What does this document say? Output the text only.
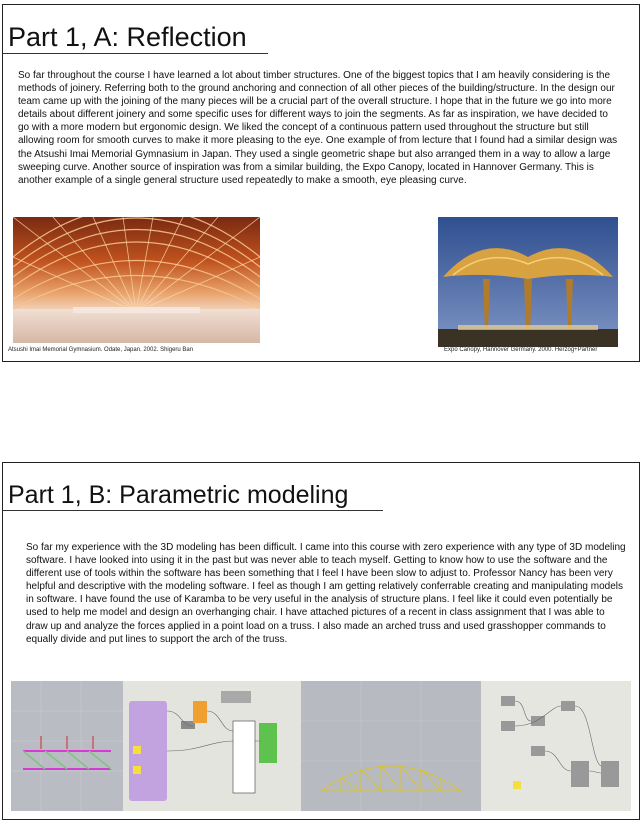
Part 1, A: Reflection

So far throughout the course I have learned a lot about timber structures. One of the biggest topics that I am heavily considering is the methods of joinery. Referring both to the ground anchoring and connection of all other pieces of the building/structure. In the design our team came up with the joining of the many pieces will be a crucial part of the overall structure. I hope that in the future we go into more details about different joinery and some specific uses for different ways to join the segments. As far as inspiration, we have decided to go with a more modern but ergonomic design. We liked the concept of a continuous pattern used throughout the structure but still allowing room for smooth curves to make it more pleasing to the eye. One example of from lecture that I found had a similar design was the Atsushi Imai Memorial Gymnasium in Japan. They used a single geometric shape but also arranged them in a way to allow a large sweeping curve. Another source of inspiration was from a similar building, the Expo Canopy, located in Hannover Germany. This is another example of a single general structure used repeatedly to make a smooth, eye pleasing curve.

Atsushi Imai Memorial Gymnasium. Odate, Japan. 2002. Shigeru Ban	Expo Canopy, Hannover Germany. 2000. Herzog+Partner
Part 1, B: Parametric modeling

So far my experience with the 3D modeling has been difficult. I came into this course with zero experience with any type of 3D modeling software. I have looked into using it in the past but was never able to teach myself. Getting to know how to use the software and the different use of tools within the software has been something that I feel I have been slow to adjust to. Professor Nancy has been very helpful and descriptive with the modeling software. I feel as though I am getting relatively conferrable creating and manipulating models in software. I have found the use of Karamba to be very useful in the analysis of structure plans. I feel like it could even potentially be used to help me model and design an overhanging chair. I have attached pictures of a recent in class assignment that I was able to draw up and analyze the forces applied in a point load on a truss. I also made an arched truss and used grasshopper commands to equally divide and put lines to support the arch of the truss.
